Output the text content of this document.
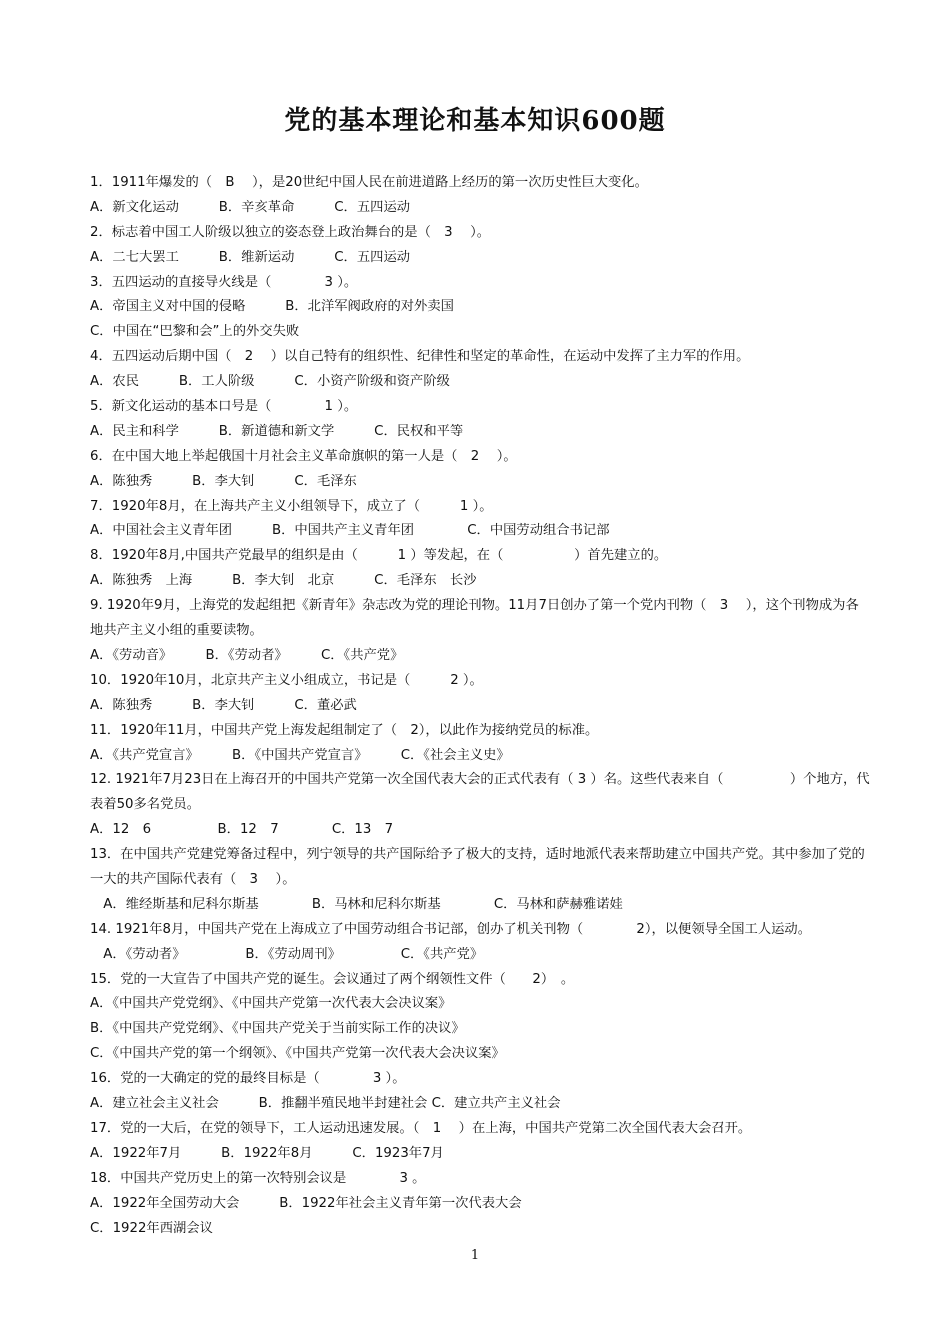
党的基本理论和基本知识600题
1．1911年爆发的（　B　 ），是20世纪中国人民在前进道路上经历的第一次历史性巨大变化。
A．新文化运动　　　B．辛亥革命　　　C．五四运动
2．标志着中国工人阶级以独立的姿态登上政治舞台的是（　3　 ）。
A．二七大罢工　　　B．维新运动　　　C．五四运动
3．五四运动的直接导火线是（　　　　3 ）。
A．帝国主义对中国的侵略　　　B．北洋军阀政府的对外卖国
C．中国在“巴黎和会”上的外交失败
4．五四运动后期中国（　2　 ）以自己特有的组织性、纪律性和坚定的革命性，在运动中发挥了主力军的作用。
A．农民　　　B．工人阶级　　　C．小资产阶级和资产阶级
5．新文化运动的基本口号是（　　　　1 ）。
A．民主和科学　　　B．新道德和新文学　　　C．民权和平等
6．在中国大地上举起俄国十月社会主义革命旗帜的第一人是（　2　 ）。
A．陈独秀　　　B．李大钊　　　C．毛泽东
7．1920年8月，在上海共产主义小组领导下，成立了（　　　1 ）。
A．中国社会主义青年团　　　B．中国共产主义青年团　　　　C．中国劳动组合书记部
8．1920年8月,中国共产党最早的组织是由（　　　1 ）等发起，在（　　　　　 ）首先建立的。
A．陈独秀　上海　　　B．李大钊　北京　　　C．毛泽东　长沙
9. 1920年9月，上海党的发起组把《新青年》杂志改为党的理论刊物。11月7日创办了第一个党内刊物（　3　 ），这个刊物成为各地共产主义小组的重要读物。
A．《劳动音》　　　B．《劳动者》　　　C．《共产党》
10．1920年10月，北京共产主义小组成立，书记是（　　　2 ）。
A．陈独秀　　　B．李大钊　　　C．董必武
11．1920年11月，中国共产党上海发起组制定了（　2），以此作为接纳党员的标准。
A．《共产党宣言》　　　B．《中国共产党宣言》　　　C．《社会主义史》
12. 1921年7月23日在上海召开的中国共产党第一次全国代表大会的正式代表有（ 3 ）名。这些代表来自（　　　　　）个地方，代表着50多名党员。
A．12　6　　　　　B．12　7　　　　C．13　7
13．在中国共产党建党筹备过程中，列宁领导的共产国际给予了极大的支持，适时地派代表来帮助建立中国共产党。其中参加了党的一大的共产国际代表有（　3　 ）。
　A．维经斯基和尼科尔斯基　　　　B．马林和尼科尔斯基　　　　C．马林和萨赫雅诺娃
14. 1921年8月，中国共产党在上海成立了中国劳动组合书记部，创办了机关刊物（　　　　2），以便领导全国工人运动。
　A．《劳动者》　　　　　B．《劳动周刊》　　　　　C．《共产党》
15．党的一大宣告了中国共产党的诞生。会议通过了两个纲领性文件（　　2）　。
A．《中国共产党党纲》、《中国共产党第一次代表大会决议案》
B．《中国共产党党纲》、《中国共产党关于当前实际工作的决议》
C．《中国共产党的第一个纲领》、《中国共产党第一次代表大会决议案》
16．党的一大确定的党的最终目标是（　　　　3 ）。
A．建立社会主义社会　　　B．推翻半殖民地半封建社会 C．建立共产主义社会
17．党的一大后，在党的领导下，工人运动迅速发展。（　1　 ）在上海，中国共产党第二次全国代表大会召开。
A．1922年7月　　　B．1922年8月　　　C．1923年7月
18．中国共产党历史上的第一次特别会议是　　　　3 。
A．1922年全国劳动大会　　　B．1922年社会主义青年第一次代表大会
C．1922年西湖会议
1
